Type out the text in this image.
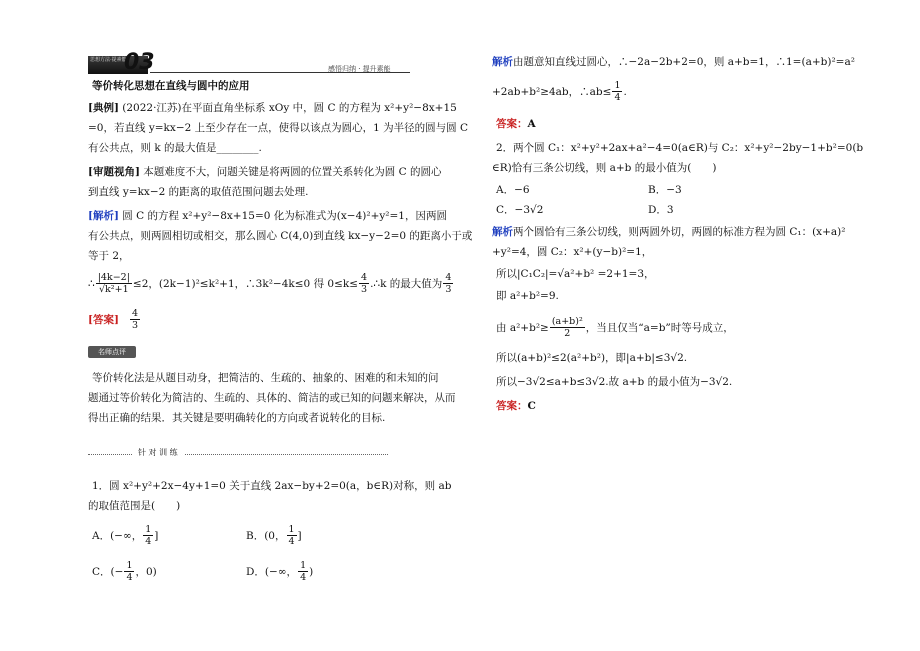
思想方法·提素能
03	感悟归纳 · 提升素能

等价转化思想在直线与圆中的应用

[典例] (2022·江苏)在平面直角坐标系 xOy 中，圆 C 的方程为 x²+y²−8x+15

=0，若直线 y=kx−2 上至少存在一点，使得以该点为圆心，1 为半径的圆与圆 C

有公共点，则 k 的最大值是________.

[审题视角] 本题难度不大，问题关键是将两圆的位置关系转化为圆 C 的圆心

到直线 y=kx−2 的距离的取值范围问题去处理.

[解析] 圆 C 的方程 x²+y²−8x+15=0 化为标准式为(x−4)²+y²=1，因两圆

有公共点，则两圆相切或相交，那么圆心 C(4,0)到直线 kx−y−2=0 的距离小于或

等于 2，

∴ $\frac{|4k-2|}{\text{√k²+1}} \le 2$，(2k−1)²≤k²+1，∴3k²−4k≤0 得 $0\le k\le \frac{4}{3}$ .∴k 的最大值为 $\frac{4}{3}$
[答案]
$\frac{4}{3}$
名师点评

等价转化法是从题目动身，把简洁的、生疏的、抽象的、困难的和未知的问

题通过等价转化为简洁的、生疏的、具体的、简洁的或已知的问题来解决，从而

得出正确的结果．其关键是要明确转化的方向或者说转化的目标.

针 对 训 练

1．圆 x²+y²+2x−4y+1=0 关于直线 2ax−by+2=0(a，b∈R)对称，则 ab

的取值范围是(　　)

A．(−∞， $\frac{1}{4}$ ]	B．(0， $\frac{1}{4}$ ]
C．(− $\frac{1}{4}$ ，0)	D．(−∞， $\frac{1}{4}$ )

解析由题意知直线过圆心，∴−2a−2b+2=0，则 a+b=1，∴1=(a+b)²=a²

+2ab+b²≥4ab，∴ab≤ $\frac{1}{4}$ .

答案：A

2．两个圆 C₁：x²+y²+2ax+a²−4=0(a∈R)与 C₂：x²+y²−2by−1+b²=0(b

∈R)恰有三条公切线，则 a+b 的最小值为(　　)

A．−6	B．−3

C．−3√2	D．3

解析两个圆恰有三条公切线，则两圆外切，两圆的标准方程为圆 C₁：(x+a)²

+y²=4，圆 C₂：x²+(y−b)²=1，

所以|C₁C₂|=√a²+b² =2+1=3，

即 a²+b²=9.

由 $a^2+b^2\ge \frac{\text{(a+b)²}}{2}$ ，当且仅当“a=b”时等号成立，

所以(a+b)²≤2(a²+b²)，即|a+b|≤3√2.

所以−3√2≤a+b≤3√2.故 a+b 的最小值为−3√2.

答案：C
